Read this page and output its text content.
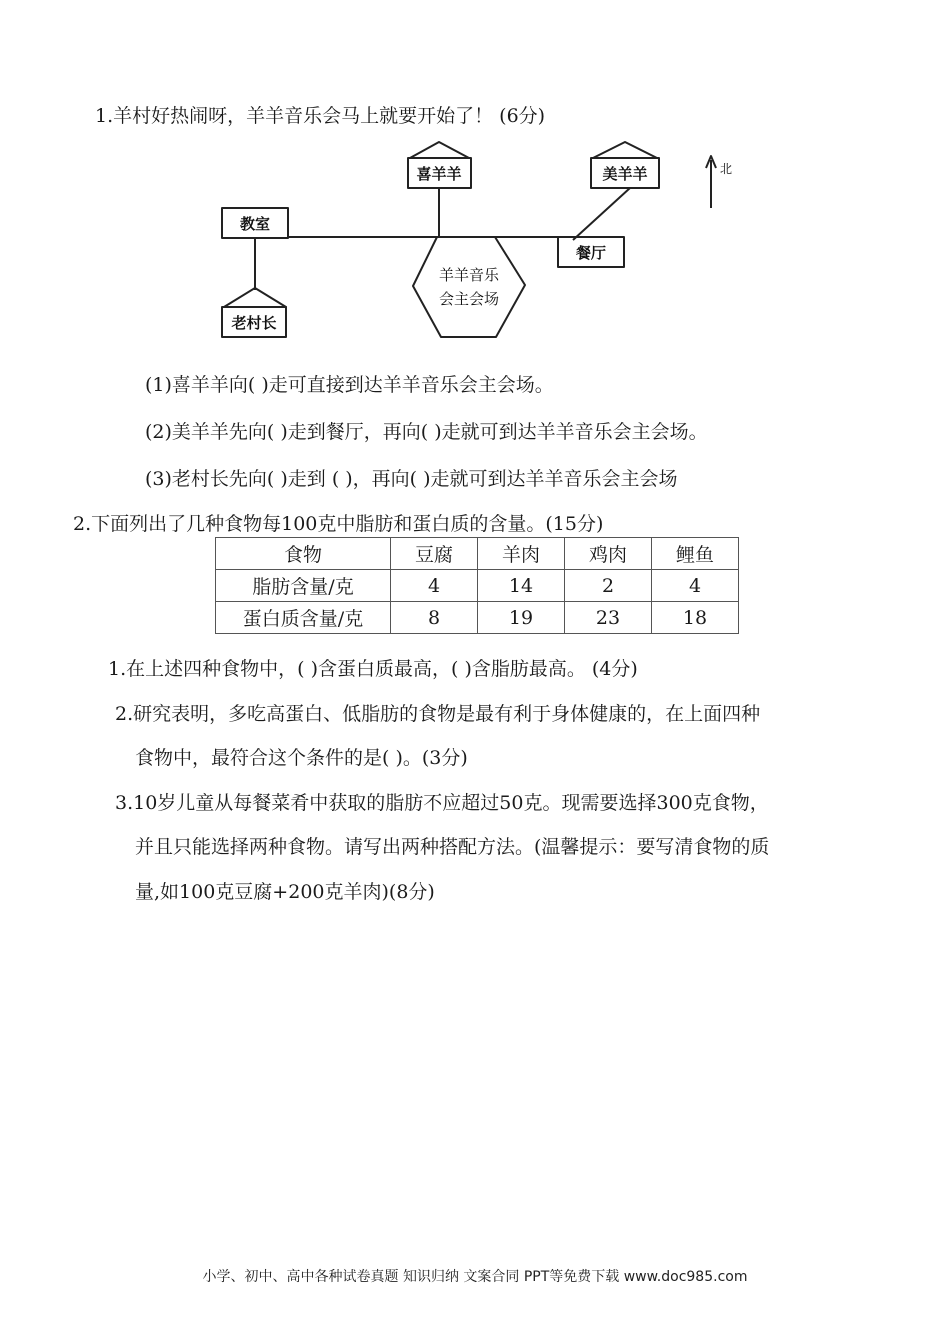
1.羊村好热闹呀，羊羊音乐会马上就要开始了！ (6分)
喜羊羊	美羊羊
教室
餐厅
老村长
羊羊音乐
会主会场
北
(1)喜羊羊向( )走可直接到达羊羊音乐会主会场。
(2)美羊羊先向( )走到餐厅，再向( )走就可到达羊羊音乐会主会场。
(3)老村长先向( )走到 ( )，再向( )走就可到达羊羊音乐会主会场
2.下面列出了几种食物每100克中脂肪和蛋白质的含量。(15分)
食物	豆腐	羊肉	鸡肉	鲤鱼
脂肪含量/克	4	14	2	4
蛋白质含量/克	8	19	23	18
1.在上述四种食物中，( )含蛋白质最高，( )含脂肪最高。 (4分)
2.研究表明，多吃高蛋白、低脂肪的食物是最有利于身体健康的，在上面四种
食物中，最符合这个条件的是( )。(3分)
3.10岁儿童从每餐菜肴中获取的脂肪不应超过50克。现需要选择300克食物，
并且只能选择两种食物。请写出两种搭配方法。(温馨提示：要写清食物的质
量,如100克豆腐+200克羊肉)(8分)
小学、初中、高中各种试卷真题 知识归纳 文案合同 PPT等免费下载 www.doc985.com
